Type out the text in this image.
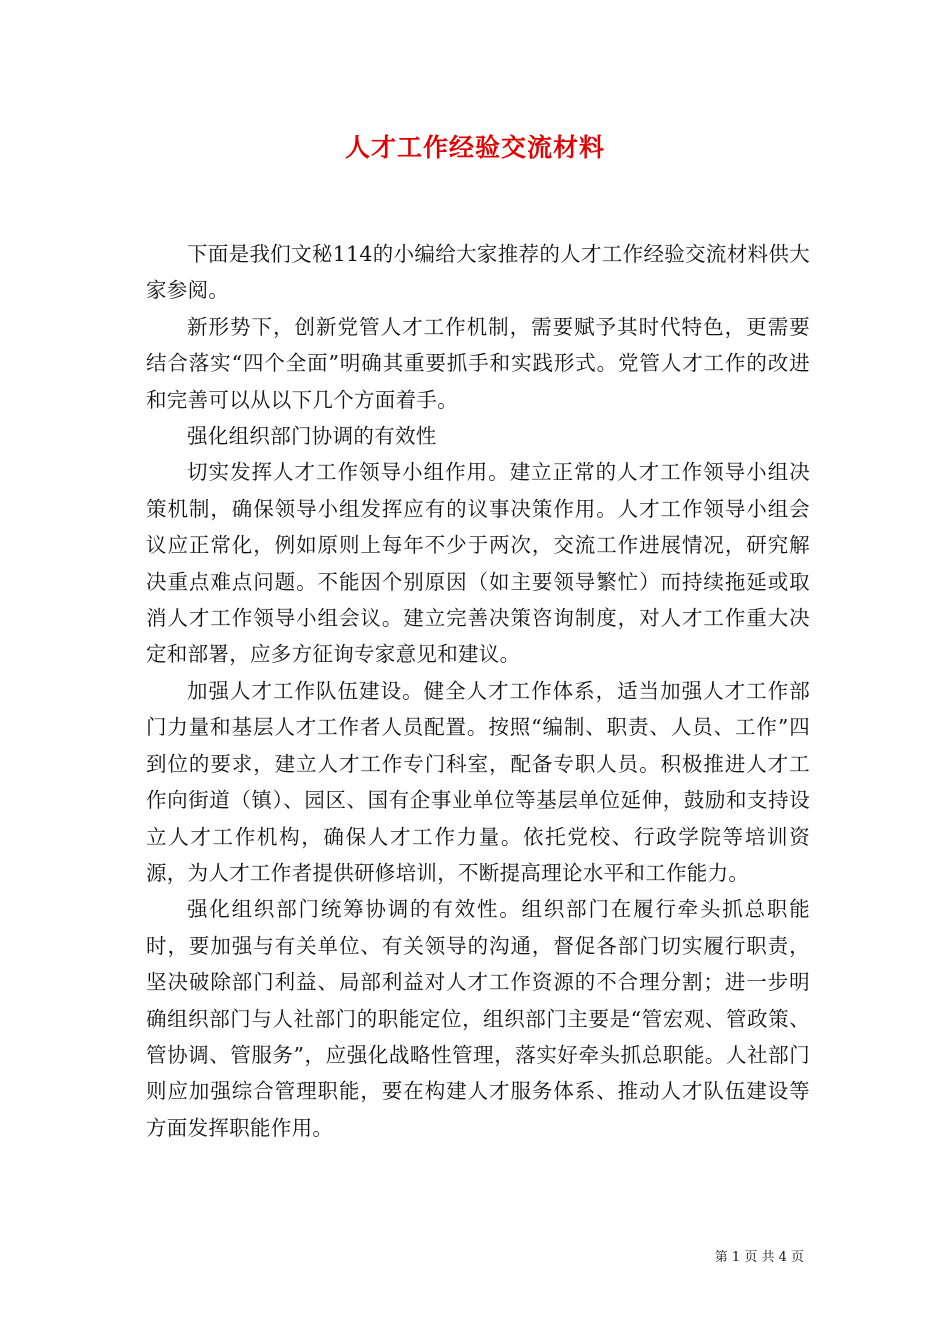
人才工作经验交流材料

下面是我们文秘114的小编给大家推荐的人才工作经验交流材料供大家参阅。

新形势下，创新党管人才工作机制，需要赋予其时代特色，更需要结合落实“四个全面”明确其重要抓手和实践形式。党管人才工作的改进和完善可以从以下几个方面着手。

强化组织部门协调的有效性

切实发挥人才工作领导小组作用。建立正常的人才工作领导小组决策机制，确保领导小组发挥应有的议事决策作用。人才工作领导小组会议应正常化，例如原则上每年不少于两次，交流工作进展情况，研究解决重点难点问题。不能因个别原因（如主要领导繁忙）而持续拖延或取消人才工作领导小组会议。建立完善决策咨询制度，对人才工作重大决定和部署，应多方征询专家意见和建议。

加强人才工作队伍建设。健全人才工作体系，适当加强人才工作部门力量和基层人才工作者人员配置。按照“编制、职责、人员、工作”四到位的要求，建立人才工作专门科室，配备专职人员。积极推进人才工作向街道（镇）、园区、国有企事业单位等基层单位延伸，鼓励和支持设立人才工作机构，确保人才工作力量。依托党校、行政学院等培训资源，为人才工作者提供研修培训，不断提高理论水平和工作能力。

强化组织部门统筹协调的有效性。组织部门在履行牵头抓总职能时，要加强与有关单位、有关领导的沟通，督促各部门切实履行职责，坚决破除部门利益、局部利益对人才工作资源的不合理分割；进一步明确组织部门与人社部门的职能定位，组织部门主要是“管宏观、管政策、管协调、管服务”，应强化战略性管理，落实好牵头抓总职能。人社部门则应加强综合管理职能，要在构建人才服务体系、推动人才队伍建设等方面发挥职能作用。

第 1 页 共 4 页
